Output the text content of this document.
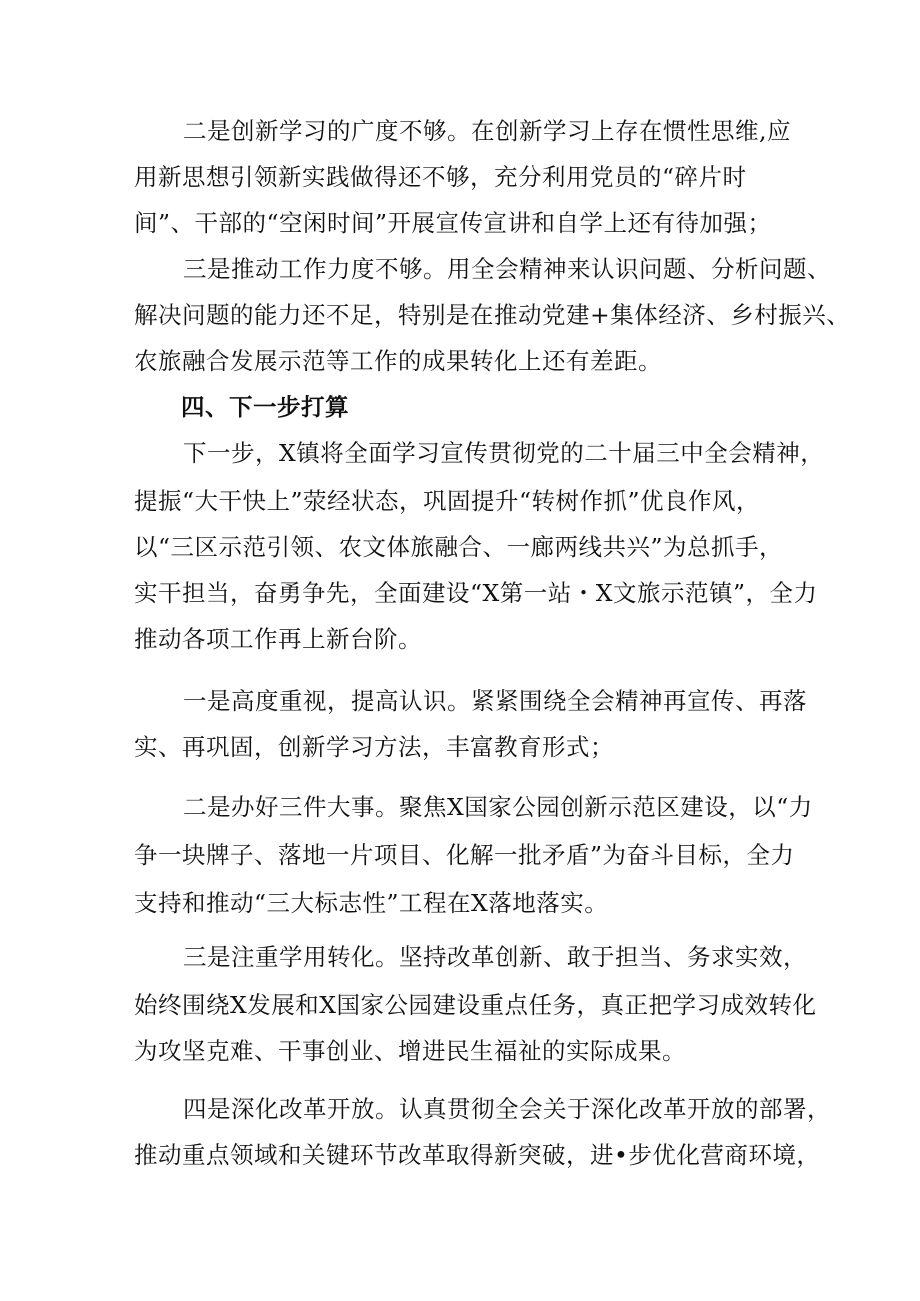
二是创新学习的广度不够。在创新学习上存在惯性思维,应
用新思想引领新实践做得还不够，充分利用党员的“碎片时
间”、干部的“空闲时间”开展宣传宣讲和自学上还有待加强；
三是推动工作力度不够。用全会精神来认识问题、分析问题、
解决问题的能力还不足，特别是在推动党建+集体经济、乡村振兴、
农旅融合发展示范等工作的成果转化上还有差距。
四、下一步打算
下一步，X镇将全面学习宣传贯彻党的二十届三中全会精神，
提振“大干快上”荥经状态，巩固提升“转树作抓”优良作风，
以“三区示范引领、农文体旅融合、一廊两线共兴”为总抓手，
实干担当，奋勇争先，全面建设“X第一站・X文旅示范镇”，全力
推动各项工作再上新台阶。
一是高度重视，提高认识。紧紧围绕全会精神再宣传、再落
实、再巩固，创新学习方法，丰富教育形式；
二是办好三件大事。聚焦X国家公园创新示范区建设，以“力
争一块牌子、落地一片项目、化解一批矛盾”为奋斗目标，全力
支持和推动“三大标志性”工程在X落地落实。
三是注重学用转化。坚持改革创新、敢于担当、务求实效，
始终围绕X发展和X国家公园建设重点任务，真正把学习成效转化
为攻坚克难、干事创业、增进民生福祉的实际成果。
四是深化改革开放。认真贯彻全会关于深化改革开放的部署，
推动重点领域和关键环节改革取得新突破，进•步优化营商环境，
